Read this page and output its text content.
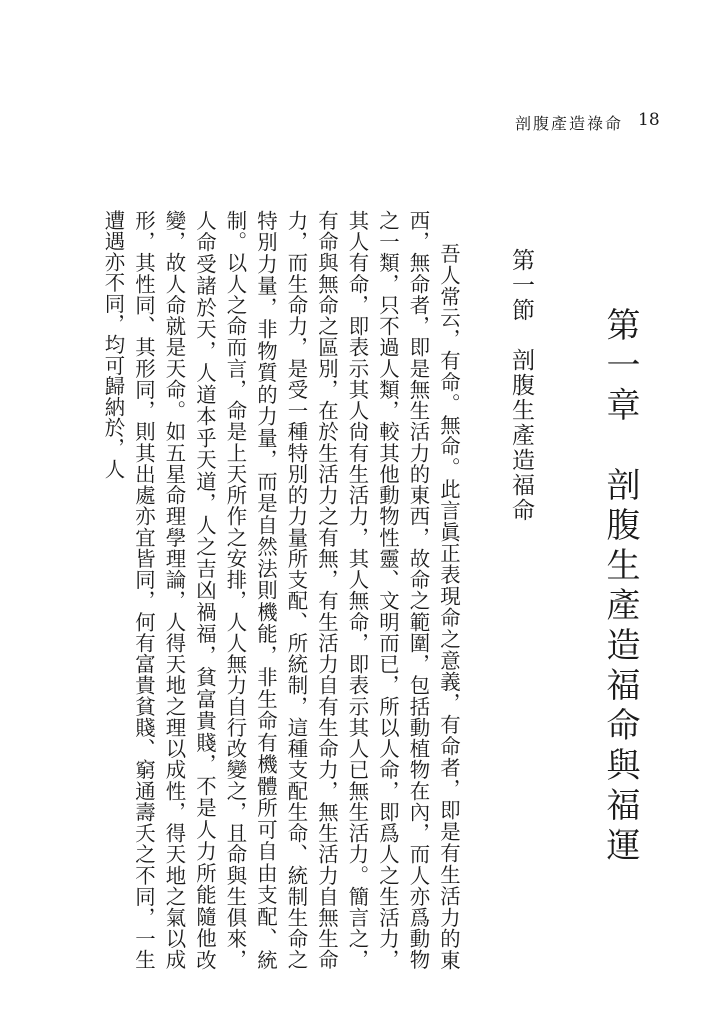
剖腹產造祿命 18
第一章　剖腹生產造福命與福運
第一節　剖腹生產造福命

吾人常云，有命。無命。此言眞正表現命之意義，有命者，即是有生活力的東西，無命者，即是無生活力的東西，故命之範圍，包括動植物在內，而人亦爲動物之一類，只不過人類，較其他動物性靈、文明而已，所以人命，即爲人之生活力，其人有命，即表示其人尙有生活力，其人無命，即表示其人已無生活力。簡言之，有命與無命之區別，在於生活力之有無，有生活力自有生命力，無生活力自無生命力，而生命力，是受一種特別的力量所支配、所統制，這種支配生命、統制生命之特別力量，非物質的力量，而是自然法則機能，非生命有機體所可自由支配、統制。以人之命而言，命是上天所作之安排，人人無力自行改變之，且命與生俱來，人命受諸於天，人道本乎天道，人之吉凶禍福，貧富貴賤，不是人力所能隨他改變，故人命就是天命。如五星命理學理論，人得天地之理以成性，得天地之氣以成形，其性同、其形同，則其出處亦宜皆同，何有富貴貧賤、窮通壽夭之不同，一生遭遇亦不同，均可歸納於，人
